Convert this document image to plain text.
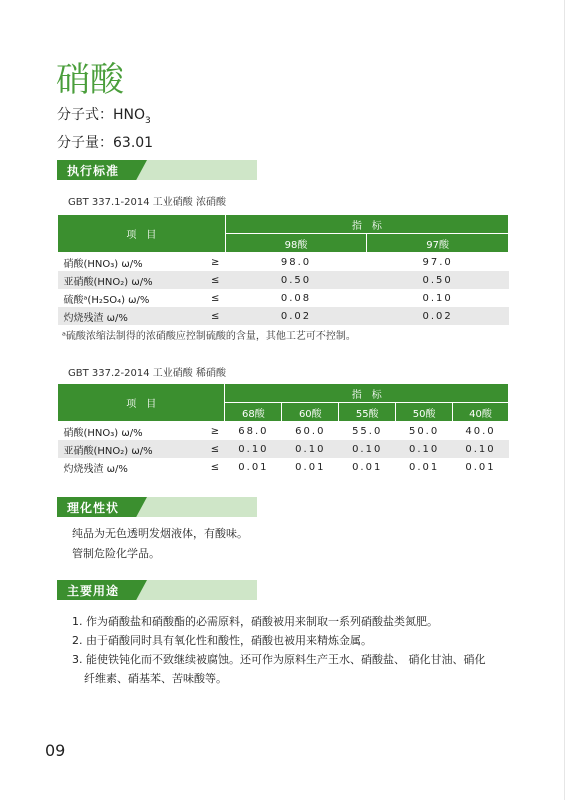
硝酸
分子式：$HNO_3$
分子量：63.01
执行标准
GBT 337.1-2014 工业硝酸 浓硝酸
项　目		指　标	
		98酸	97酸
硝酸(HNO₃) ω/%	≥	98.0	97.0
亚硝酸(HNO₂) ω/%	≤	0.50	0.50
硫酸ᵃ(H₂SO₄) ω/%	≤	0.08	0.10
灼烧残渣 ω/%	≤	0.02	0.02
ᵃ硫酸浓缩法制得的浓硝酸应控制硫酸的含量，其他工艺可不控制。
GBT 337.2-2014 工业硝酸 稀硝酸
项　目		指　标				
		68酸	60酸	55酸	50酸	40酸
硝酸(HNO₃) ω/%	≥	68.0	60.0	55.0	50.0	40.0
亚硝酸(HNO₂) ω/%	≤	0.10	0.10	0.10	0.10	0.10
灼烧残渣 ω/%	≤	0.01	0.01	0.01	0.01	0.01
理化性状
纯品为无色透明发烟液体，有酸味。
管制危险化学品。
主要用途
1. 作为硝酸盐和硝酸酯的必需原料，硝酸被用来制取一系列硝酸盐类氮肥。
2. 由于硝酸同时具有氧化性和酸性，硝酸也被用来精炼金属。
3. 能使铁钝化而不致继续被腐蚀。还可作为原料生产王水、硝酸盐、 硝化甘油、硝化
纤维素、硝基苯、苦味酸等。
09
